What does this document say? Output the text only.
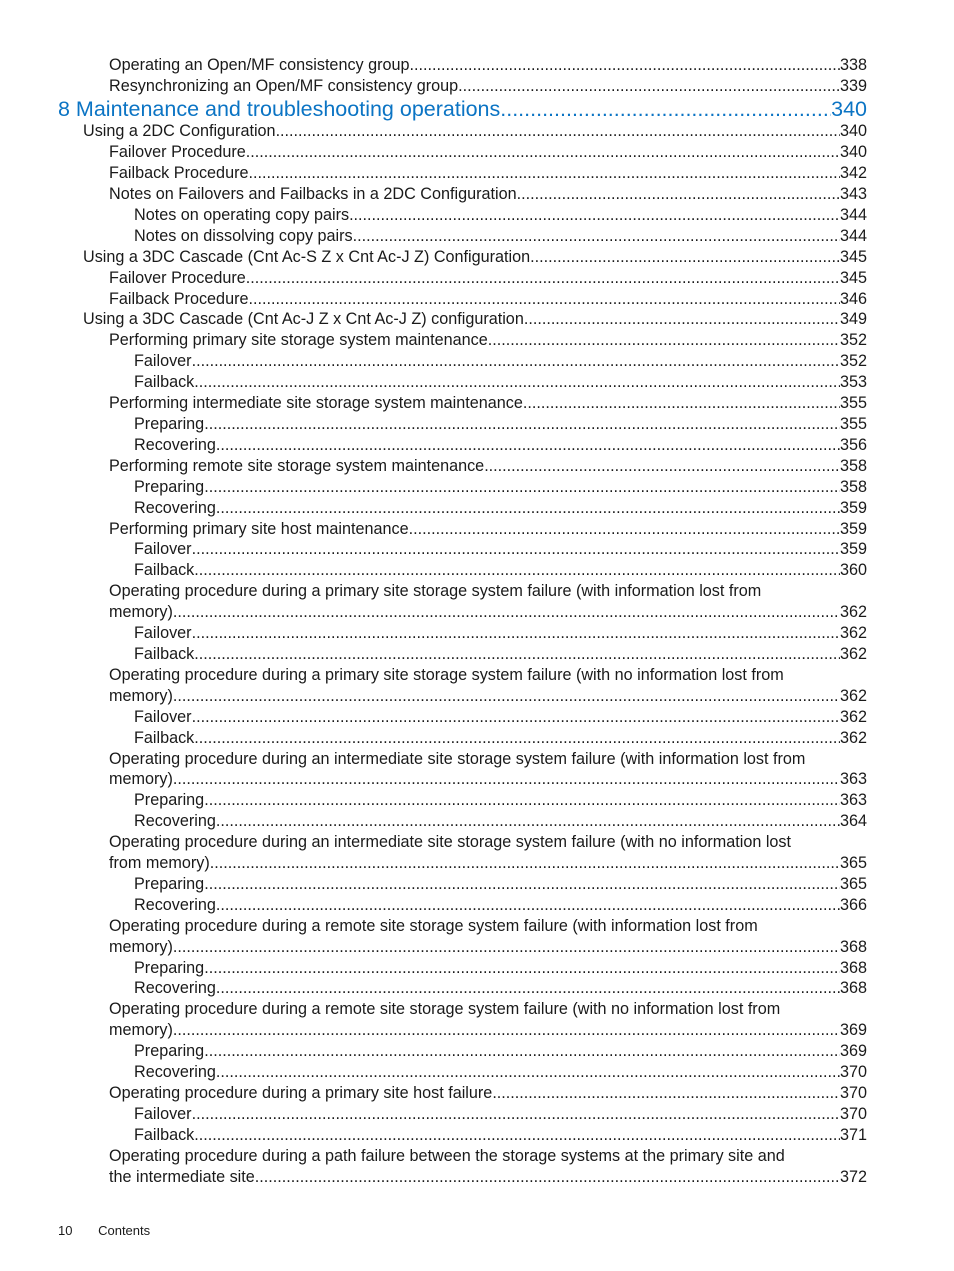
Operating an Open/MF consistency group .....	338
Resynchronizing an Open/MF consistency group .....	339
8 Maintenance and troubleshooting operations .....	340
Using a 2DC Configuration .....	340
Failover Procedure .....	340
Failback Procedure .....	342
Notes on Failovers and Failbacks in a 2DC Configuration .....	343
Notes on operating copy pairs .....	344
Notes on dissolving copy pairs .....	344
Using a 3DC Cascade (Cnt Ac-S Z x Cnt Ac-J Z) Configuration .....	345
Failover Procedure .....	345
Failback Procedure .....	346
Using a 3DC Cascade (Cnt Ac-J Z x Cnt Ac-J Z) configuration .....	349
Performing primary site storage system maintenance .....	352
Failover .....	352
Failback .....	353
Performing intermediate site storage system maintenance .....	355
Preparing .....	355
Recovering .....	356
Performing remote site storage system maintenance .....	358
Preparing .....	358
Recovering .....	359
Performing primary site host maintenance .....	359
Failover .....	359
Failback .....	360
Operating procedure during a primary site storage system failure (with information lost from
memory) .....	362
Failover .....	362
Failback .....	362
Operating procedure during a primary site storage system failure (with no information lost from
memory) .....	362
Failover .....	362
Failback .....	362
Operating procedure during an intermediate site storage system failure (with information lost from
memory) .....	363
Preparing .....	363
Recovering .....	364
Operating procedure during an intermediate site storage system failure (with no information lost
from memory) .....	365
Preparing .....	365
Recovering .....	366
Operating procedure during a remote site storage system failure (with information lost from
memory) .....	368
Preparing .....	368
Recovering .....	368
Operating procedure during a remote site storage system failure (with no information lost from
memory) .....	369
Preparing .....	369
Recovering .....	370
Operating procedure during a primary site host failure .....	370
Failover .....	370
Failback .....	371
Operating procedure during a path failure between the storage systems at the primary site and
the intermediate site .....	372
10 Contents
